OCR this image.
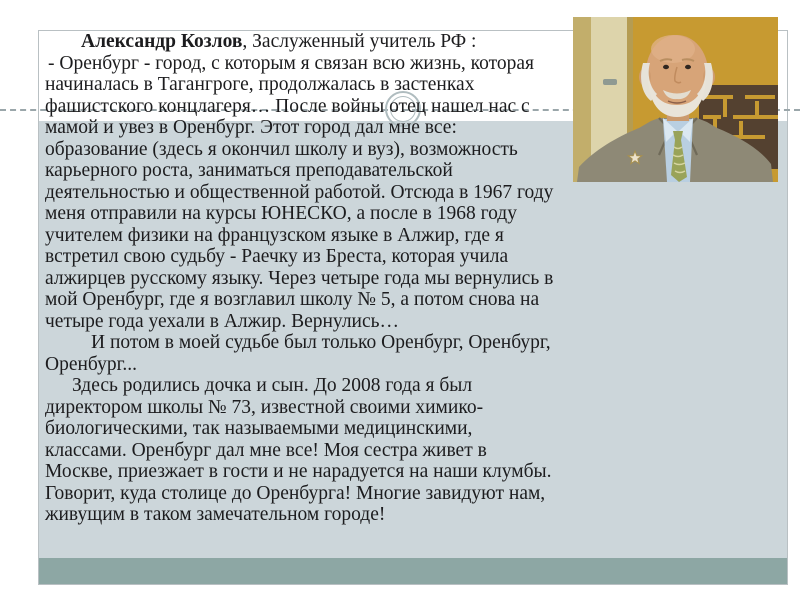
Александр Козлов, Заслуженный учитель РФ :

- Оренбург - город, с которым я связан всю жизнь, которая начиналась в Тагангроге, продолжалась в застенках фашистского концлагеря… После войны отец нашел нас с мамой и увез в Оренбург. Этот город дал мне все: образование (здесь я окончил школу и вуз), возможность карьерного роста, заниматься преподавательской деятельностью и общественной работой. Отсюда в 1967 году меня отправили на курсы ЮНЕСКО, а после в 1968 году учителем физики на французском языке в Алжир, где я встретил свою судьбу - Раечку из Бреста, которая учила алжирцев русскому языку. Через четыре года мы вернулись в мой Оренбург, где я возглавил школу № 5, а потом снова на четыре года уехали в Алжир. Вернулись…

И потом в моей судьбе был только Оренбург, Оренбург, Оренбург...

Здесь родились дочка и сын. До 2008 года я был директором школы № 73, известной своими химико-биологическими, так называемыми медицинскими, классами. Оренбург дал мне все! Моя сестра живет в Москве, приезжает в гости и не нарадуется на наши клумбы. Говорит, куда столице до Оренбурга! Многие завидуют нам, живущим в таком замечательном городе!
